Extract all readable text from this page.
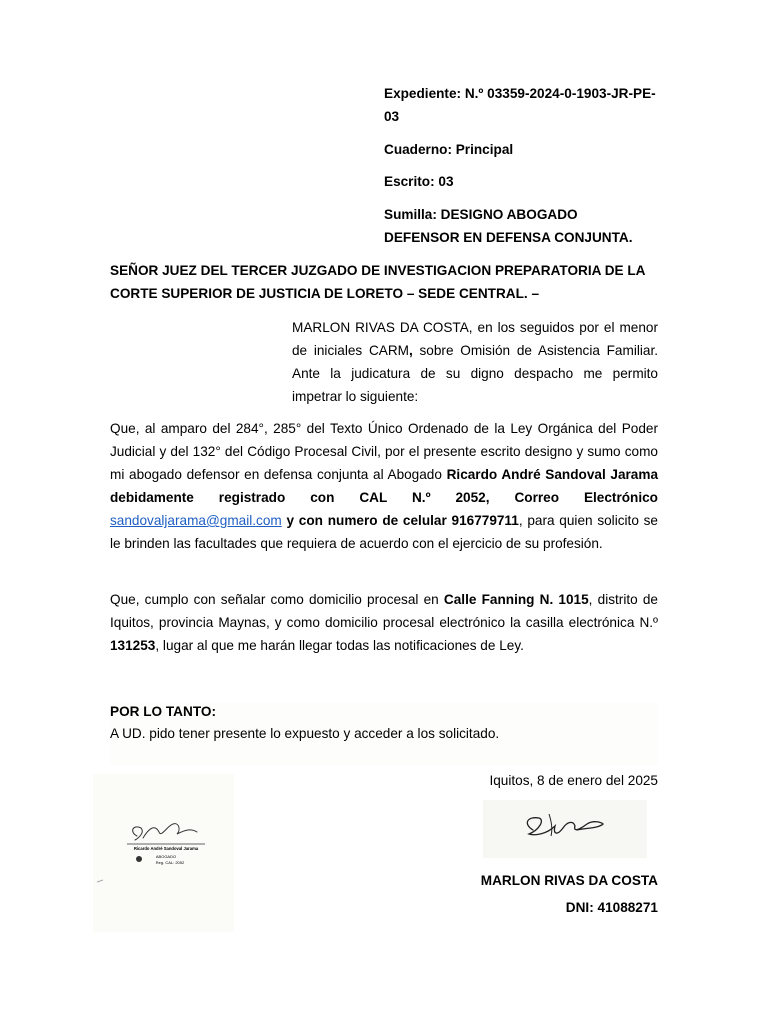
Expediente: N.º 03359-2024-0-1903-JR-PE-03

Cuaderno: Principal

Escrito: 03

Sumilla: DESIGNO ABOGADO DEFENSOR EN DEFENSA CONJUNTA.

SEÑOR JUEZ DEL TERCER JUZGADO DE INVESTIGACION PREPARATORIA DE LA CORTE SUPERIOR DE JUSTICIA DE LORETO – SEDE CENTRAL. –
MARLON RIVAS DA COSTA, en los seguidos por el menor de iniciales CARM, sobre Omisión de Asistencia Familiar. Ante la judicatura de su digno despacho me permito impetrar lo siguiente:
Que, al amparo del 284°, 285° del Texto Único Ordenado de la Ley Orgánica del Poder Judicial y del 132° del Código Procesal Civil, por el presente escrito designo y sumo como mi abogado defensor en defensa conjunta al Abogado Ricardo André Sandoval Jarama debidamente registrado con CAL N.º 2052, Correo Electrónico sandovaljarama@gmail.com y con numero de celular 916779711, para quien solicito se le brinden las facultades que requiera de acuerdo con el ejercicio de su profesión.
Que, cumplo con señalar como domicilio procesal en Calle Fanning N. 1015, distrito de Iquitos, provincia Maynas, y como domicilio procesal electrónico la casilla electrónica N.º 131253, lugar al que me harán llegar todas las notificaciones de Ley.
POR LO TANTO:
A UD. pido tener presente lo expuesto y acceder a los solicitado.
Iquitos, 8 de enero del 2025
MARLON RIVAS DA COSTA
DNI: 41088271
Ricardo André Sandoval Jarama
ABOGADO
Reg. CAL: 2052
